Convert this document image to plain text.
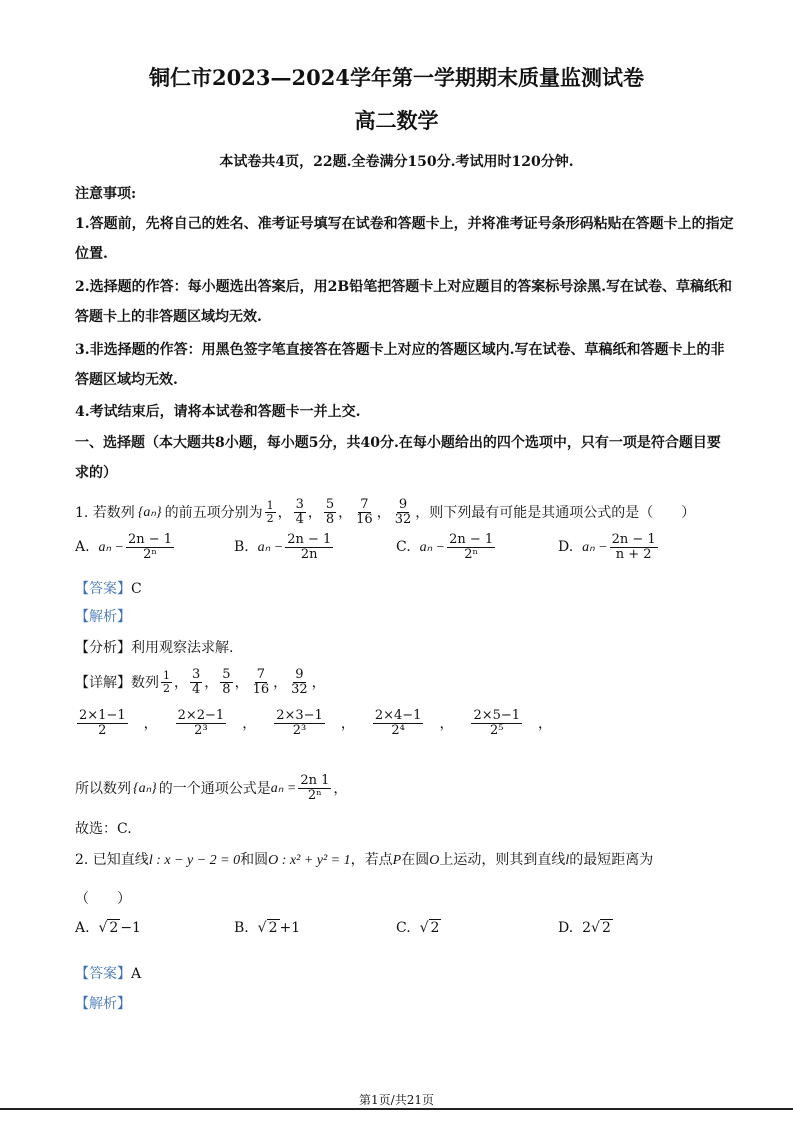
铜仁市2023—2024学年第一学期期末质量监测试卷
高二数学
本试卷共4页，22题.全卷满分150分.考试用时120分钟.
注意事项:
1.答题前，先将自己的姓名、准考证号填写在试卷和答题卡上，并将准考证号条形码粘贴在答题卡上的指定
位置.
2.选择题的作答：每小题选出答案后，用2B铅笔把答题卡上对应题目的答案标号涂黑.写在试卷、草稿纸和
答题卡上的非答题区域均无效.
3.非选择题的作答：用黑色签字笔直接答在答题卡上对应的答题区域内.写在试卷、草稿纸和答题卡上的非
答题区域均无效.
4.考试结束后，请将本试卷和答题卡一并上交.
一、选择题（本大题共8小题，每小题5分，共40分.在每小题给出的四个选项中，只有一项是符合题目要
求的）
1. 若数列 {aₙ} 的前五项分别为 $\frac{1}{2}$ ， $\frac{3}{4}$ ， $\frac{5}{8}$ ， $\frac{7}{16}$ ， $\frac{9}{32}$ ，则下列最有可能是其通项公式的是（　　）
A.
$a_n - \frac{2n - 1}{\text{2ⁿ}}$	B.
$a_n - \frac{2n - 1}{2n}$	C.
$a_n - \frac{2n - 1}{\text{2ⁿ}}$	D.
$a_n - \frac{2n - 1}{n + 2}$
【答案】C
【解析】
【分析】利用观察法求解.
【详解】 数列 $\frac{1}{2}$ ， $\frac{3}{4}$ ， $\frac{5}{8}$ ， $\frac{7}{16}$ ， $\frac{9}{32}$ ，
$\frac{2\times 1-1}{2}$ ， $\frac{2\times 2-1}{\text{2³}}$ ， $\frac{2\times 3-1}{\text{2³}}$ ， $\frac{2\times 4-1}{\text{2⁴}}$ ， $\frac{2\times 5-1}{\text{2⁵}}$ ，
所以数列 {aₙ} 的一个通项公式是 $a_n = \frac{2n 1}{\text{2ⁿ}}$ ，
故选：C.
2. 已知直线l : x − y − 2 = 0和圆O : x² + y² = 1，若点P在圆O上运动，则其到直线l的最短距离为
（　　）
A. √ 2 −1	B. √ 2 +1	C. √ 2	D. 2√ 2
【答案】A
【解析】
第1页/共21页
